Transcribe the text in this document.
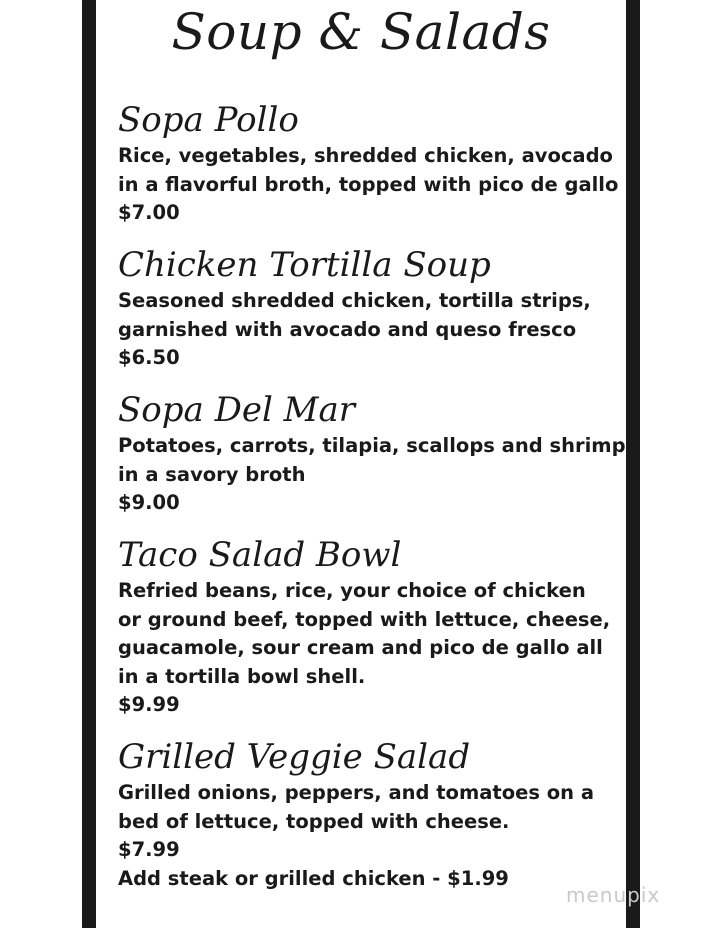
Soup & Salads
Sopa Pollo
Rice, vegetables, shredded chicken, avocado
in a flavorful broth, topped with pico de gallo
$7.00
Chicken Tortilla Soup
Seasoned shredded chicken, tortilla strips,
garnished with avocado and queso fresco
$6.50
Sopa Del Mar
Potatoes, carrots, tilapia, scallops and shrimp
in a savory broth
$9.00
Taco Salad Bowl
Refried beans, rice, your choice of chicken
or ground beef, topped with lettuce, cheese,
guacamole, sour cream and pico de gallo all
in a tortilla bowl shell.
$9.99
Grilled Veggie Salad
Grilled onions, peppers, and tomatoes on a
bed of lettuce, topped with cheese.
$7.99
Add steak or grilled chicken - $1.99
menupix
